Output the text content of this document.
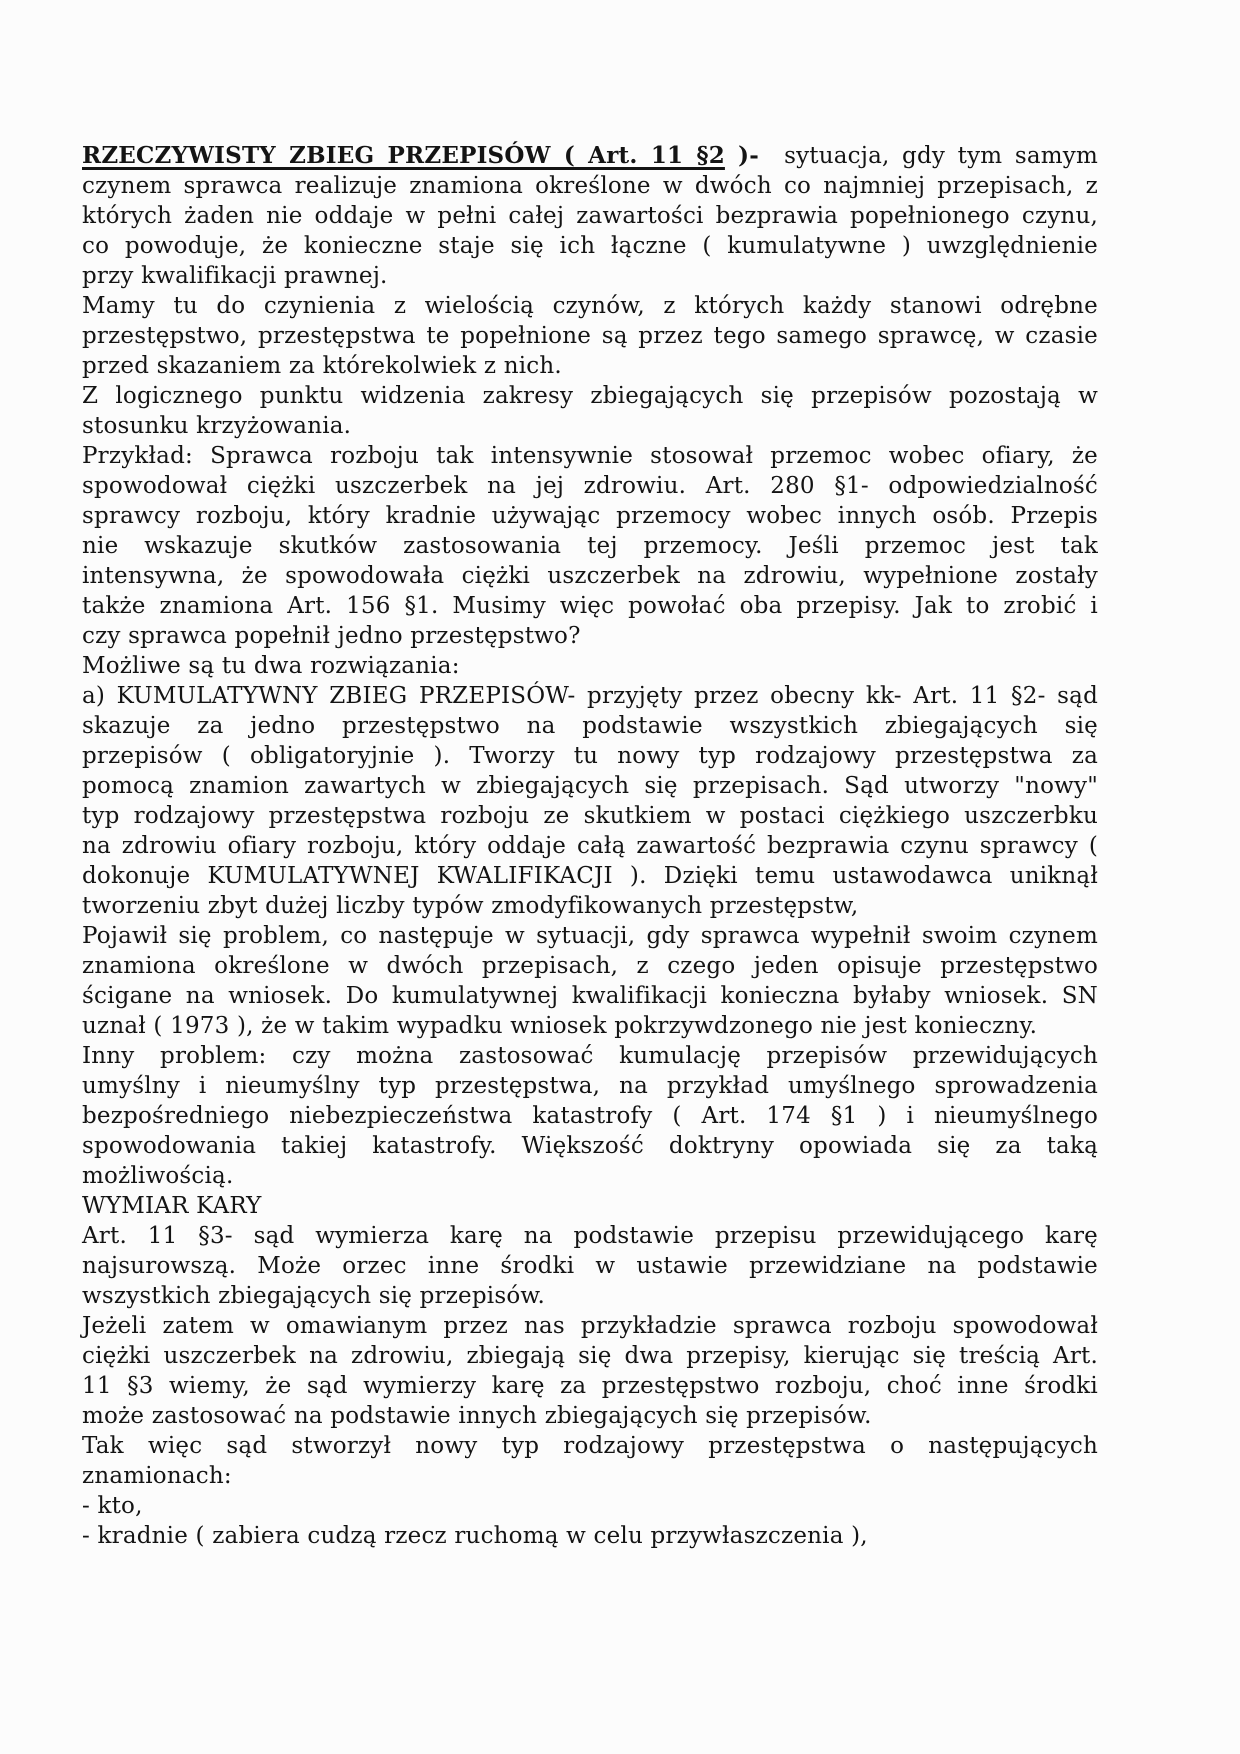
RZECZYWISTY ZBIEG PRZEPISÓW ( Art. 11 §2 )-  sytuacja, gdy tym samym
czynem sprawca realizuje znamiona określone w dwóch co najmniej przepisach, z
których żaden nie oddaje w pełni całej zawartości bezprawia popełnionego czynu,
co powoduje, że konieczne staje się ich łączne ( kumulatywne ) uwzględnienie
przy kwalifikacji prawnej.
Mamy tu do czynienia z wielością czynów, z których każdy stanowi odrębne
przestępstwo, przestępstwa te popełnione są przez tego samego sprawcę, w czasie
przed skazaniem za którekolwiek z nich.
Z logicznego punktu widzenia zakresy zbiegających się przepisów pozostają w
stosunku krzyżowania.
Przykład: Sprawca rozboju tak intensywnie stosował przemoc wobec ofiary, że
spowodował ciężki uszczerbek na jej zdrowiu. Art. 280 §1- odpowiedzialność
sprawcy rozboju, który kradnie używając przemocy wobec innych osób. Przepis
nie wskazuje skutków zastosowania tej przemocy. Jeśli przemoc jest tak
intensywna, że spowodowała ciężki uszczerbek na zdrowiu, wypełnione zostały
także znamiona Art. 156 §1. Musimy więc powołać oba przepisy. Jak to zrobić i
czy sprawca popełnił jedno przestępstwo?
Możliwe są tu dwa rozwiązania:
a) KUMULATYWNY ZBIEG PRZEPISÓW- przyjęty przez obecny kk- Art. 11 §2- sąd
skazuje za jedno przestępstwo na podstawie wszystkich zbiegających się
przepisów ( obligatoryjnie ). Tworzy tu nowy typ rodzajowy przestępstwa za
pomocą znamion zawartych w zbiegających się przepisach. Sąd utworzy "nowy"
typ rodzajowy przestępstwa rozboju ze skutkiem w postaci ciężkiego uszczerbku
na zdrowiu ofiary rozboju, który oddaje całą zawartość bezprawia czynu sprawcy (
dokonuje KUMULATYWNEJ KWALIFIKACJI ). Dzięki temu ustawodawca uniknął
tworzeniu zbyt dużej liczby typów zmodyfikowanych przestępstw,
Pojawił się problem, co następuje w sytuacji, gdy sprawca wypełnił swoim czynem
znamiona określone w dwóch przepisach, z czego jeden opisuje przestępstwo
ścigane na wniosek. Do kumulatywnej kwalifikacji konieczna byłaby wniosek. SN
uznał ( 1973 ), że w takim wypadku wniosek pokrzywdzonego nie jest konieczny.
Inny problem: czy można zastosować kumulację przepisów przewidujących
umyślny i nieumyślny typ przestępstwa, na przykład umyślnego sprowadzenia
bezpośredniego niebezpieczeństwa katastrofy ( Art. 174 §1 ) i nieumyślnego
spowodowania takiej katastrofy. Większość doktryny opowiada się za taką
możliwością.
WYMIAR KARY
Art. 11 §3- sąd wymierza karę na podstawie przepisu przewidującego karę
najsurowszą. Może orzec inne środki w ustawie przewidziane na podstawie
wszystkich zbiegających się przepisów.
Jeżeli zatem w omawianym przez nas przykładzie sprawca rozboju spowodował
ciężki uszczerbek na zdrowiu, zbiegają się dwa przepisy, kierując się treścią Art.
11 §3 wiemy, że sąd wymierzy karę za przestępstwo rozboju, choć inne środki
może zastosować na podstawie innych zbiegających się przepisów.
Tak więc sąd stworzył nowy typ rodzajowy przestępstwa o następujących
znamionach:
- kto,
- kradnie ( zabiera cudzą rzecz ruchomą w celu przywłaszczenia ),
